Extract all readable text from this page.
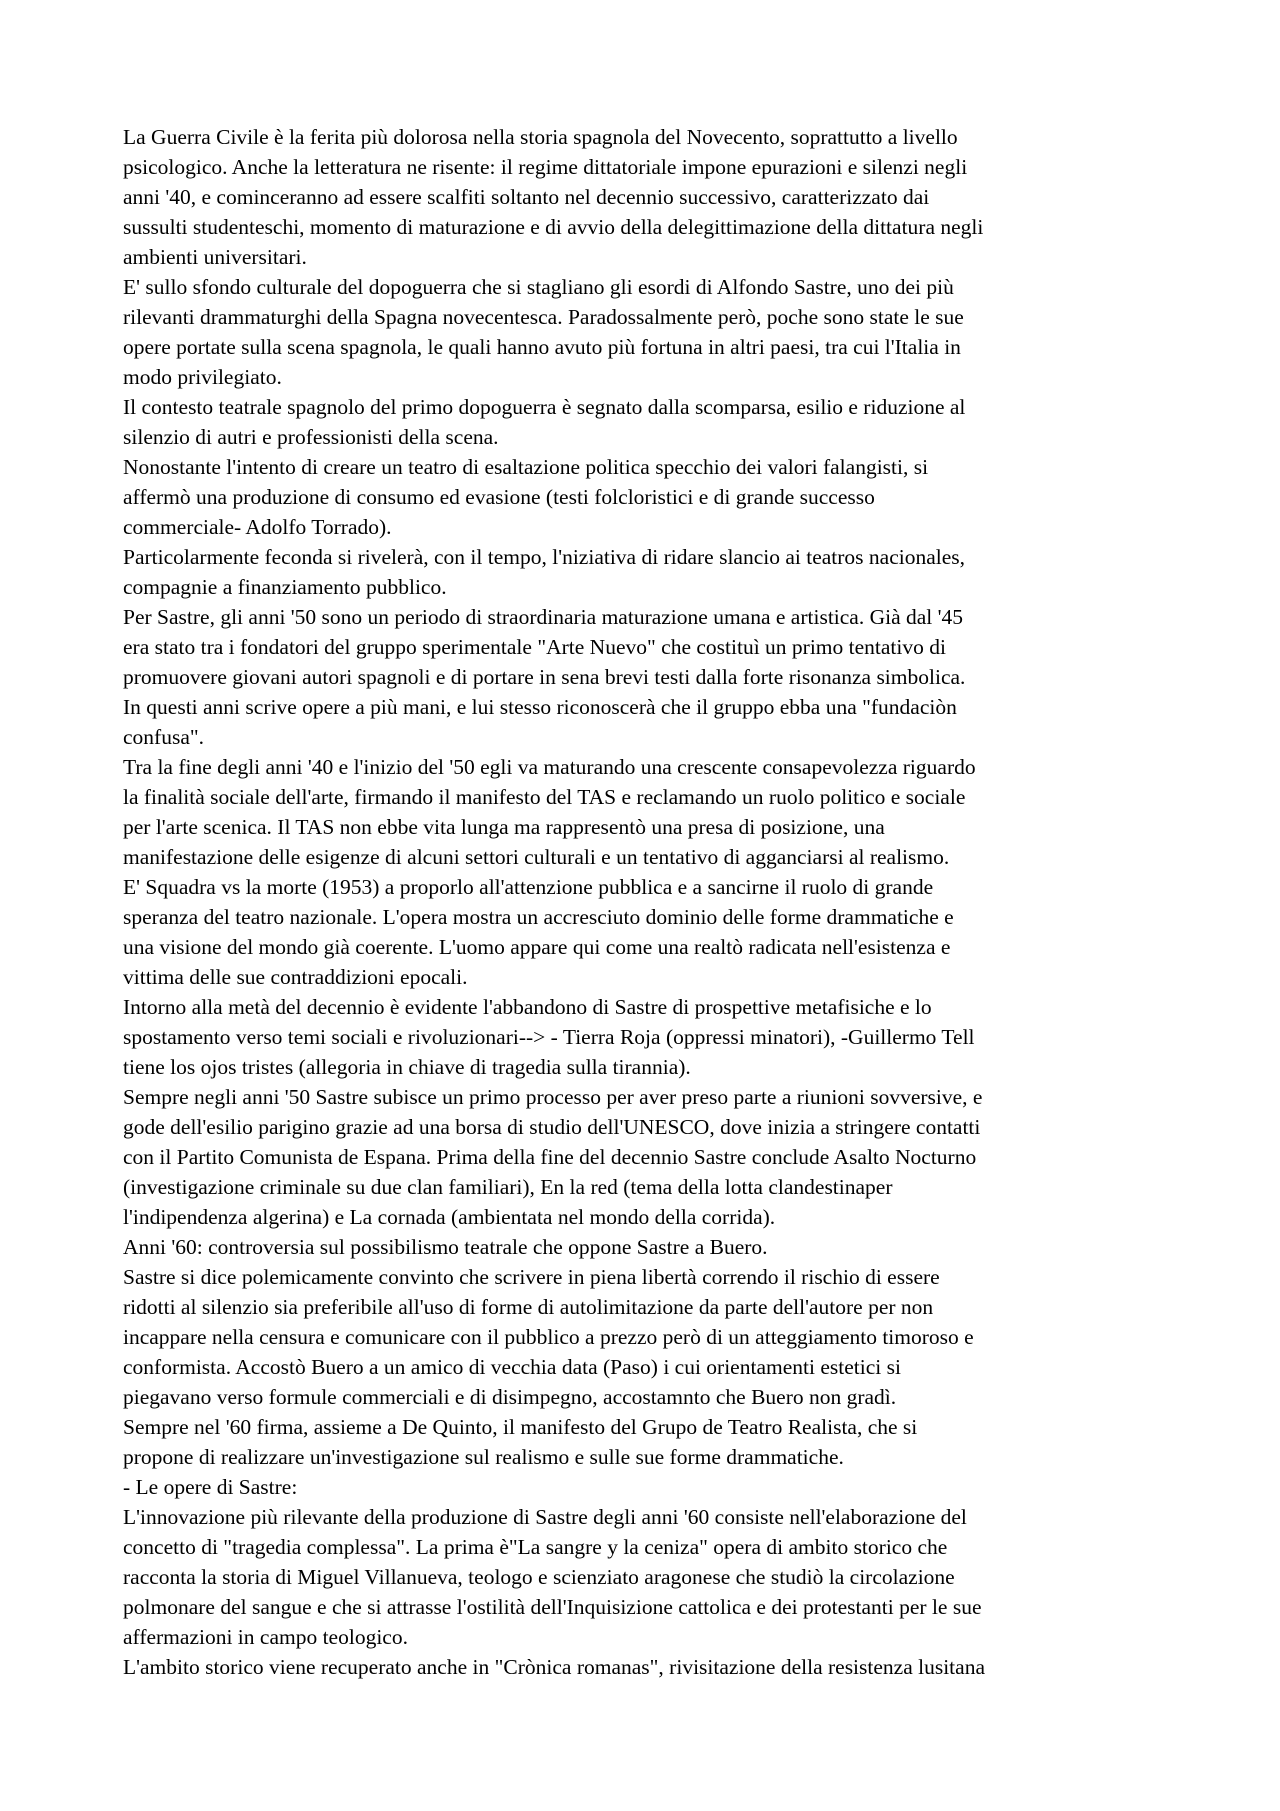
La Guerra Civile è la ferita più dolorosa nella storia spagnola del Novecento, soprattutto a livello
psicologico. Anche la letteratura ne risente: il regime dittatoriale impone epurazioni e silenzi negli
anni '40, e cominceranno ad essere scalfiti soltanto nel decennio successivo, caratterizzato dai
sussulti studenteschi, momento di maturazione e di avvio della delegittimazione della dittatura negli
ambienti universitari.
E' sullo sfondo culturale del dopoguerra che si stagliano gli esordi di Alfondo Sastre, uno dei più
rilevanti drammaturghi della Spagna novecentesca. Paradossalmente però, poche sono state le sue
opere portate sulla scena spagnola, le quali hanno avuto più fortuna in altri paesi, tra cui l'Italia in
modo privilegiato.
Il contesto teatrale spagnolo del primo dopoguerra è segnato dalla scomparsa, esilio e riduzione al
silenzio di autri e professionisti della scena.
Nonostante l'intento di creare un teatro di esaltazione politica specchio dei valori falangisti, si
affermò una produzione di consumo ed evasione (testi folcloristici e di grande successo
commerciale- Adolfo Torrado).
Particolarmente feconda si rivelerà, con il tempo, l'niziativa di ridare slancio ai teatros nacionales,
compagnie a finanziamento pubblico.
Per Sastre, gli anni '50 sono un periodo di straordinaria maturazione umana e artistica. Già dal '45
era stato tra i fondatori del gruppo sperimentale "Arte Nuevo" che costituì un primo tentativo di
promuovere giovani autori spagnoli e di portare in sena brevi testi dalla forte risonanza simbolica.
In questi anni scrive opere a più mani, e lui stesso riconoscerà che il gruppo ebba una "fundaciòn
confusa".
Tra la fine degli anni '40 e l'inizio del '50 egli va maturando una crescente consapevolezza riguardo
la finalità sociale dell'arte, firmando il manifesto del TAS e reclamando un ruolo politico e sociale
per l'arte scenica. Il TAS non ebbe vita lunga ma rappresentò una presa di posizione, una
manifestazione delle esigenze di alcuni settori culturali e un tentativo di agganciarsi al realismo.
E' Squadra vs la morte (1953) a proporlo all'attenzione pubblica e a sancirne il ruolo di grande
speranza del teatro nazionale. L'opera mostra un accresciuto dominio delle forme drammatiche e
una visione del mondo già coerente. L'uomo appare qui come una realtò radicata nell'esistenza e
vittima delle sue contraddizioni epocali.
Intorno alla metà del decennio è evidente l'abbandono di Sastre di prospettive metafisiche e lo
spostamento verso temi sociali e rivoluzionari--> - Tierra Roja (oppressi minatori), -Guillermo Tell
tiene los ojos tristes (allegoria in chiave di tragedia sulla tirannia).
Sempre negli anni '50 Sastre subisce un primo processo per aver preso parte a riunioni sovversive, e
gode dell'esilio parigino grazie ad una borsa di studio dell'UNESCO, dove inizia a stringere contatti
con il Partito Comunista de Espana. Prima della fine del decennio Sastre conclude Asalto Nocturno
(investigazione criminale su due clan familiari), En la red (tema della lotta clandestinaper
l'indipendenza algerina) e La cornada (ambientata nel mondo della corrida).
Anni '60: controversia sul possibilismo teatrale che oppone Sastre a Buero.
Sastre si dice polemicamente convinto che scrivere in piena libertà correndo il rischio di essere
ridotti al silenzio sia preferibile all'uso di forme di autolimitazione da parte dell'autore per non
incappare nella censura e comunicare con il pubblico a prezzo però di un atteggiamento timoroso e
conformista. Accostò Buero a un amico di vecchia data (Paso) i cui orientamenti estetici si
piegavano verso formule commerciali e di disimpegno, accostamnto che Buero non gradì.
Sempre nel '60 firma, assieme a De Quinto, il manifesto del Grupo de Teatro Realista, che si
propone di realizzare un'investigazione sul realismo e sulle sue forme drammatiche.
- Le opere di Sastre:
L'innovazione più rilevante della produzione di Sastre degli anni '60 consiste nell'elaborazione del
concetto di "tragedia complessa". La prima è"La sangre y la ceniza" opera di ambito storico che
racconta la storia di Miguel Villanueva, teologo e scienziato aragonese che studiò la circolazione
polmonare del sangue e che si attrasse l'ostilità dell'Inquisizione cattolica e dei protestanti per le sue
affermazioni in campo teologico.
L'ambito storico viene recuperato anche in "Crònica romanas", rivisitazione della resistenza lusitana
